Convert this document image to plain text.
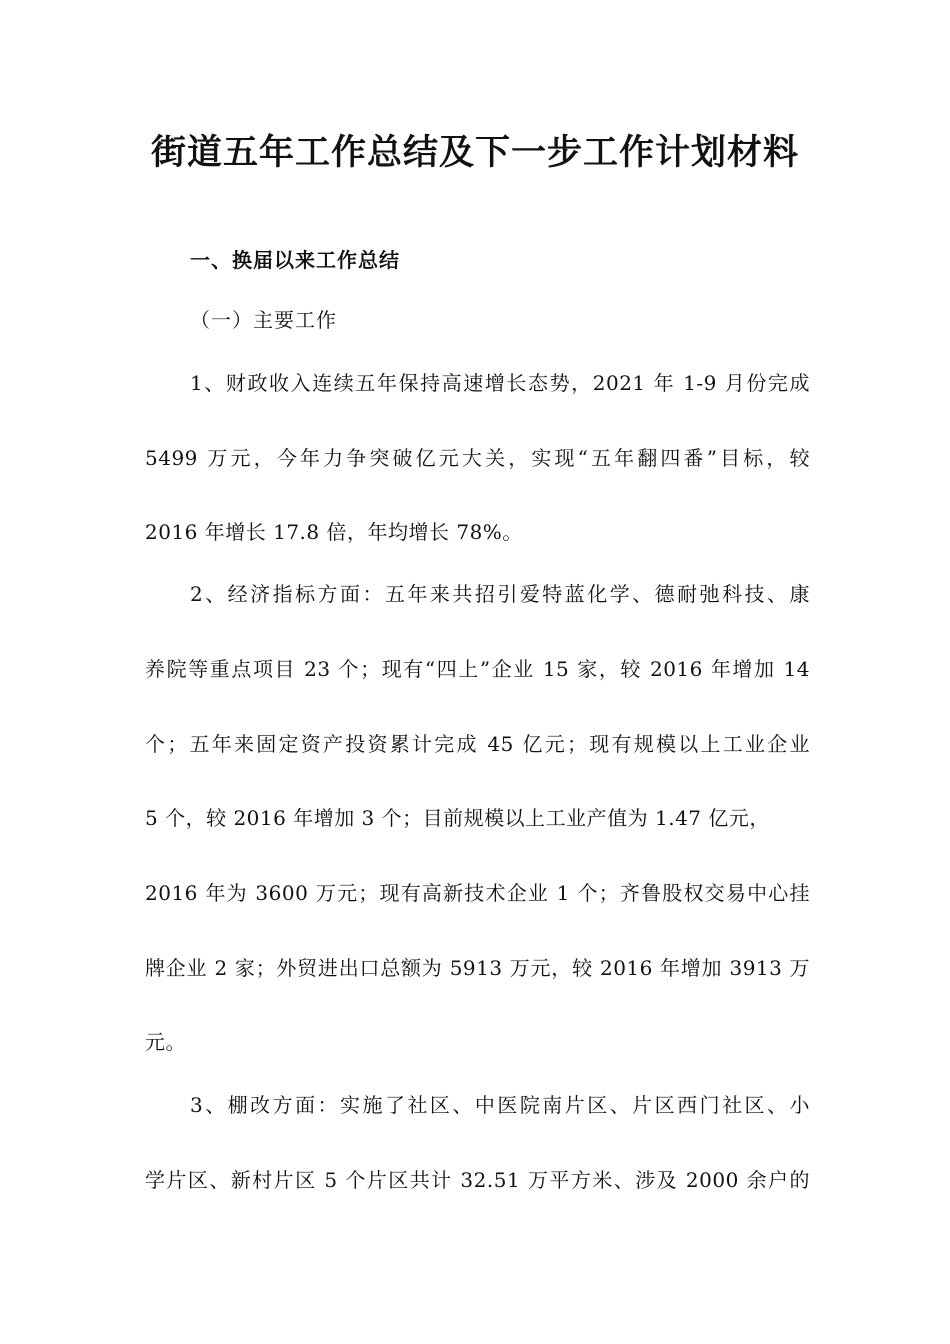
街道五年工作总结及下一步工作计划材料
一、换届以来工作总结
（一）主要工作
1、财政收入连续五年保持高速增长态势，2021 年 1-9 月份完成
5499 万元，今年力争突破亿元大关，实现“五年翻四番”目标，较
2016 年增长 17.8 倍，年均增长 78%。
2、经济指标方面：五年来共招引爱特蓝化学、德耐弛科技、康
养院等重点项目 23 个；现有“四上”企业 15 家，较 2016 年增加 14
个；五年来固定资产投资累计完成 45 亿元；现有规模以上工业企业
5 个，较 2016 年增加 3 个；目前规模以上工业产值为 1.47 亿元，
2016 年为 3600 万元；现有高新技术企业 1 个；齐鲁股权交易中心挂
牌企业 2 家；外贸进出口总额为 5913 万元，较 2016 年增加 3913 万
元。
3、棚改方面：实施了社区、中医院南片区、片区西门社区、小
学片区、新村片区 5 个片区共计 32.51 万平方米、涉及 2000 余户的
